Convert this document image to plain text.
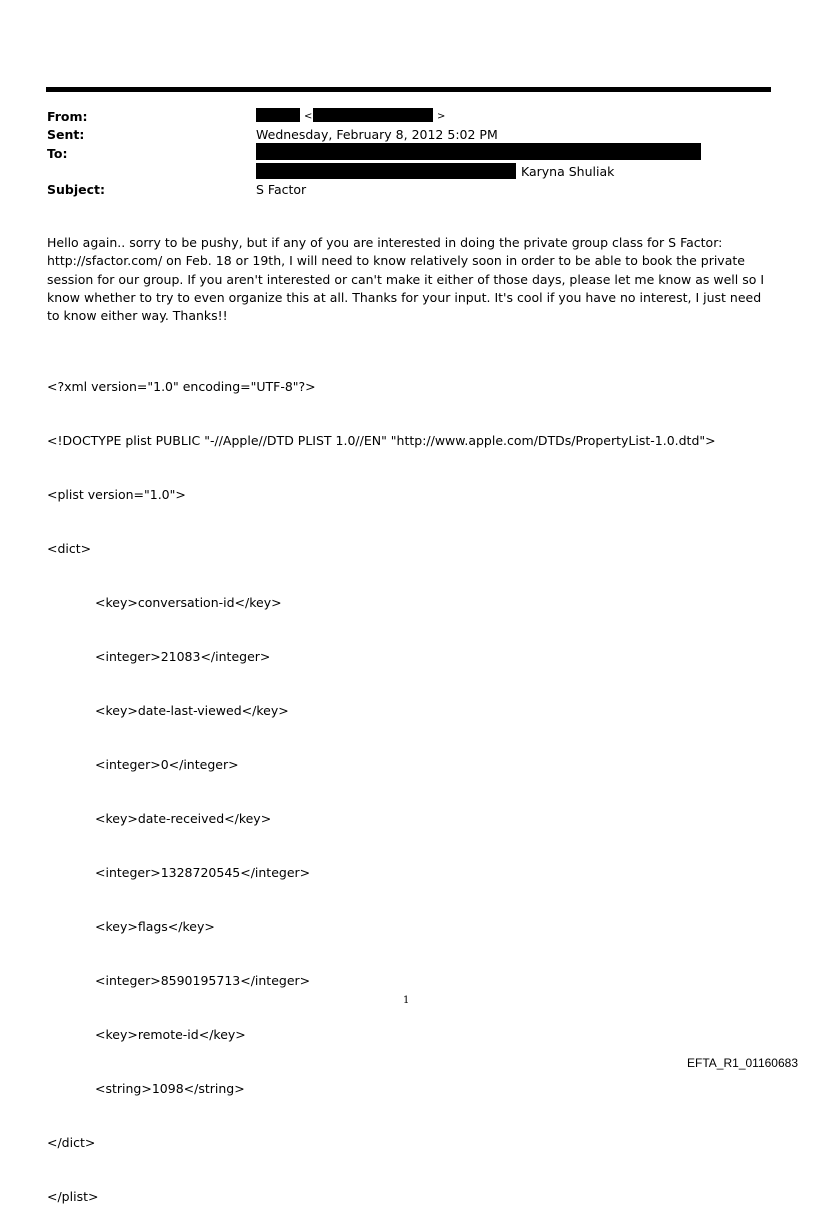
From:	<	>
Sent:	Wednesday, February 8, 2012 5:02 PM
To:
Karyna Shuliak
Subject:	S Factor
Hello again.. sorry to be pushy, but if any of you are interested in doing the private group class for S Factor: http://sfactor.com/ on Feb. 18 or 19th, I will need to know relatively soon in order to be able to book the private session for our group. If you aren't interested or can't make it either of those days, please let me know as well so I know whether to try to even organize this at all. Thanks for your input. It's cool if you have no interest, I just need to know either way. Thanks!!

<?xml version="1.0" encoding="UTF-8"?>

<!DOCTYPE plist PUBLIC "-//Apple//DTD PLIST 1.0//EN" "http://www.apple.com/DTDs/PropertyList-1.0.dtd">

<plist version="1.0">

<dict>

<key>conversation-id</key>

<integer>21083</integer>

<key>date-last-viewed</key>

<integer>0</integer>

<key>date-received</key>

<integer>1328720545</integer>

<key>flags</key>

<integer>8590195713</integer>

<key>remote-id</key>

<string>1098</string>

</dict>

</plist>

1
EFTA_R1_01160683
